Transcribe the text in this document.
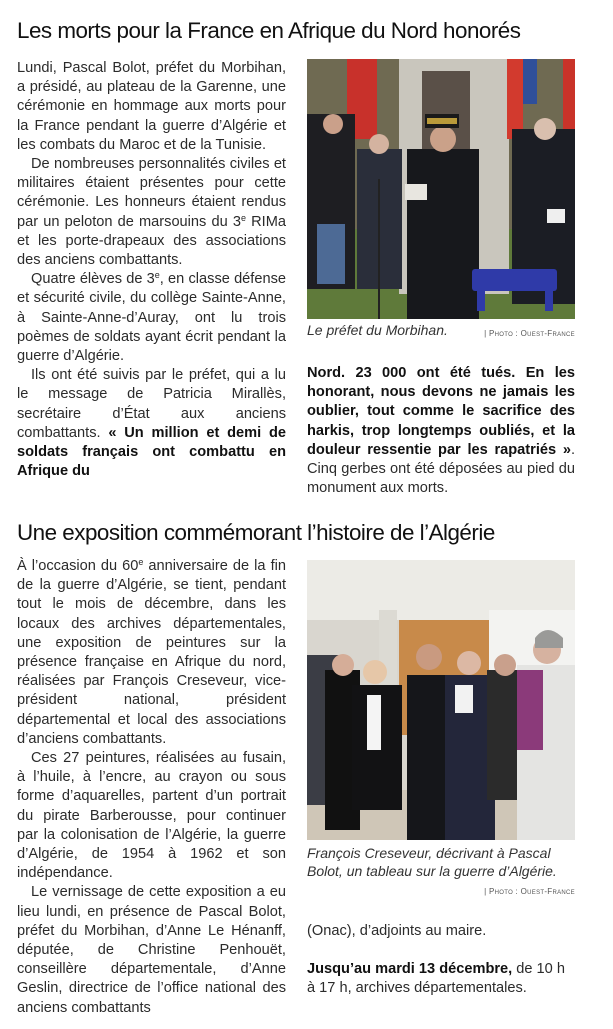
Les morts pour la France en Afrique du Nord honorés

Lundi, Pascal Bolot, préfet du Morbihan, a présidé, au plateau de la Garenne, une cérémonie en hommage aux morts pour la France pendant la guerre d’Algérie et les combats du Maroc et de la Tunisie.

De nombreuses personnalités civiles et militaires étaient présentes pour cette cérémonie. Les honneurs étaient rendus par un peloton de marsouins du 3e RIMa et les porte-drapeaux des associations des anciens combattants.

Quatre élèves de 3e, en classe défense et sécurité civile, du collège Sainte-Anne, à Sainte-Anne-d’Auray, ont lu trois poèmes de soldats ayant écrit pendant la guerre d’Algérie.

Ils ont été suivis par le préfet, qui a lu le message de Patricia Mirallès, secrétaire d’État aux anciens combattants. « Un million et demi de soldats français ont combattu en Afrique du

Le préfet du Morbihan.	| Photo : Ouest-France

Nord. 23 000 ont été tués. En les honorant, nous devons ne jamais les oublier, tout comme le sacrifice des harkis, trop longtemps oubliés, et la douleur ressentie par les rapatriés ». Cinq gerbes ont été déposées au pied du monument aux morts.

Une exposition commémorant l’histoire de l’Algérie

À l’occasion du 60e anniversaire de la fin de la guerre d’Algérie, se tient, pendant tout le mois de décembre, dans les locaux des archives départementales, une exposition de peintures sur la présence française en Afrique du nord, réalisées par François Creseveur, vice-président national, président départemental et local des associations d’anciens combattants.

Ces 27 peintures, réalisées au fusain, à l’huile, à l’encre, au crayon ou sous forme d’aquarelles, partent d’un portrait du pirate Barberousse, pour continuer par la colonisation de l’Algérie, la guerre d’Algérie, de 1954 à 1962 et son indépendance.

Le vernissage de cette exposition a eu lieu lundi, en présence de Pascal Bolot, préfet du Morbihan, d’Anne Le Hénanff, députée, de Christine Penhouët, conseillère départementale, d’Anne Geslin, directrice de l’office national des anciens combattants

François Creseveur, décrivant à Pascal Bolot, un tableau sur la guerre d’Algérie.
| Photo : Ouest-France

(Onac), d’adjoints au maire.

Jusqu’au mardi 13 décembre, de 10 h à 17 h, archives départementales.
